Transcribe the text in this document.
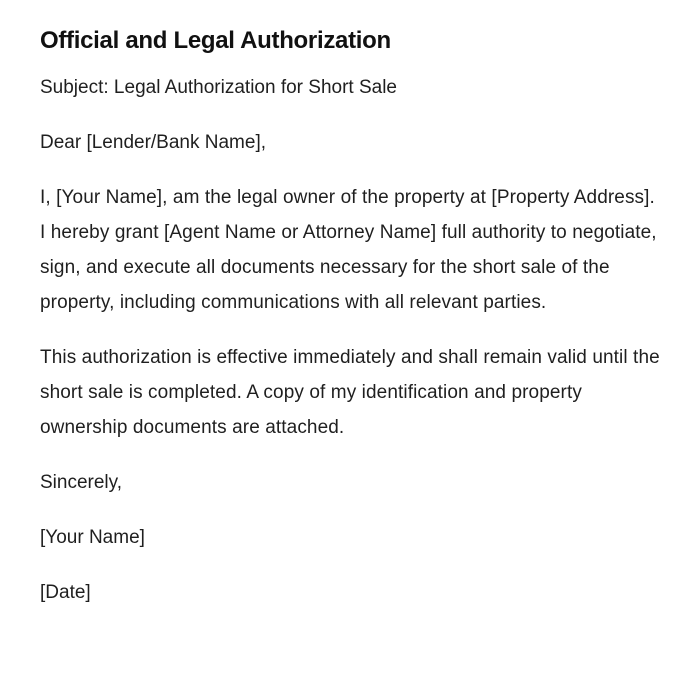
Official and Legal Authorization

Subject: Legal Authorization for Short Sale

Dear [Lender/Bank Name],

I, [Your Name], am the legal owner of the property at [Property Address]. I hereby grant [Agent Name or Attorney Name] full authority to negotiate, sign, and execute all documents necessary for the short sale of the property, including communications with all relevant parties.

This authorization is effective immediately and shall remain valid until the short sale is completed. A copy of my identification and property ownership documents are attached.

Sincerely,

[Your Name]

[Date]
